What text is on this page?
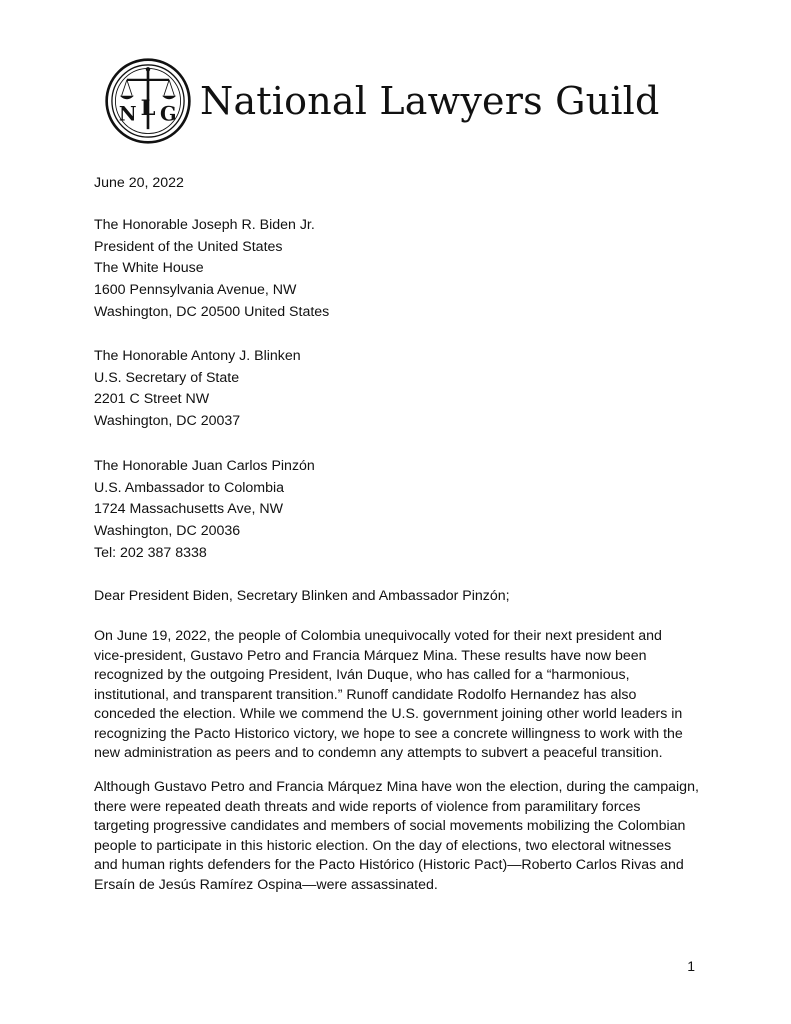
N L G National Lawyers Guild
June 20, 2022
The Honorable Joseph R. Biden Jr.
President of the United States
The White House
1600 Pennsylvania Avenue, NW
Washington, DC 20500 United States
The Honorable Antony J. Blinken
U.S. Secretary of State
2201 C Street NW
Washington, DC 20037
The Honorable Juan Carlos Pinzón
U.S. Ambassador to Colombia
1724 Massachusetts Ave, NW
Washington, DC 20036
Tel: 202 387 8338
Dear President Biden, Secretary Blinken and Ambassador Pinzón;
On June 19, 2022, the people of Colombia unequivocally voted for their next president and
vice-president, Gustavo Petro and Francia Márquez Mina. These results have now been
recognized by the outgoing President, Iván Duque, who has called for a “harmonious,
institutional, and transparent transition.” Runoff candidate Rodolfo Hernandez has also
conceded the election. While we commend the U.S. government joining other world leaders in
recognizing the Pacto Historico victory, we hope to see a concrete willingness to work with the
new administration as peers and to condemn any attempts to subvert a peaceful transition.
Although Gustavo Petro and Francia Márquez Mina have won the election, during the campaign,
there were repeated death threats and wide reports of violence from paramilitary forces
targeting progressive candidates and members of social movements mobilizing the Colombian
people to participate in this historic election. On the day of elections, two electoral witnesses
and human rights defenders for the Pacto Histórico (Historic Pact)—Roberto Carlos Rivas and
Ersaín de Jesús Ramírez Ospina—were assassinated.
1
